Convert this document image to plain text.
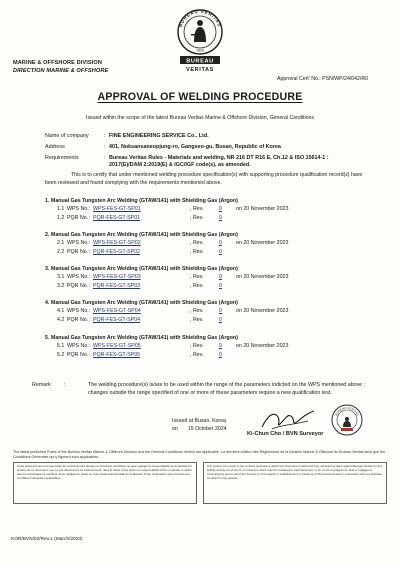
MARINE & OFFSHORE DIVISION
DIRECTION MARINE & OFFSHORE
BUREAU VERITAS
1828
BUREAU
VERITAS
Approval Cert' No.: PSN/WP/24/042/R0
APPROVAL OF WELDING PROCEDURE
Issued within the scope of the latest Bureau Veritas Marine & Offshore Division, General Conditions
Name of company	: FINE ENGINEERING SERVICE Co., Ltd.
Address	: 401, Noksansaneopjung-ro, Gangseo-gu, Busan, Republic of Korea
Requirements	: Bureau Veritas Rules - Materials and welding, NR 216 DT R16 E, Ch.12 & ISO 15614-1 : 2017(E)/DAM 2:2019(E) & IGC/IGF code(s), as amended.
This is to certify that under mentioned welding procedure specification(s) with supporting procedure qualification record(s) have been reviewed and found complying with the requirements mentioned above.
1. Manual Gas Tungsten Arc Welding (GTAW/141) with Shielding Gas (Argon)
1.1 WPS No. : WPS-FES-GT-SP01	, Rev.	0	on 20 November 2023
1.2 PQR No. : PQR-FES-GT-SP01	, Rev.	0
2. Manual Gas Tungsten Arc Welding (GTAW/141) with Shielding Gas (Argon)
2.1 WPS No. : WPS-FES-GT-SP02	, Rev.	0	on 20 November 2023
2.2 PQR No. : PQR-FES-GT-SP02	, Rev.	0
3. Manual Gas Tungsten Arc Welding (GTAW/141) with Shielding Gas (Argon)
3.1 WPS No. : WPS-FES-GT-SP03	, Rev.	0	on 20 November 2023
3.2 PQR No. : PQR-FES-GT-SP03	, Rev.	0
4. Manual Gas Tungsten Arc Welding (GTAW/141) with Shielding Gas (Argon)
4.1 WPS No. : WPS-FES-GT-SP04	, Rev.	0	on 20 November 2023
4.2 PQR No. : PQR-FES-GT-SP04	, Rev.	0
5. Manual Gas Tungsten Arc Welding (GTAW/141) with Shielding Gas (Argon)
5.1 WPS No. : WPS-FES-GT-SP05	, Rev.	0	on 20 November 2023
5.2 PQR No. : PQR-FES-GT-SP05	, Rev.	0
Remark :	The welding procedure(s) is/are to be used within the range of the parameters indicted on the WPS mentioned above ; changes outside the range specified of one or more of these parameters require a new qualification test.
Issued at Busan, Korea
on       15 October 2024
Ki-Chun Cho / BVN Surveyor
BUREAU VERITAS
The latest published Rules of the Bureau Veritas Marine & Offshore Division and the General Conditions therein are applicable. La dernière édition des Règlements de la Division Marine & Offshore du Bureau Veritas ainsi que les Conditions Générales qui y figurent sont applicables.
Toute personne qui n'est pas partie au contrat au titre duquel ce document est délivré ne peut engager la responsabilité de la Société sur la base de ce document, que ce soit directement ou indirectement, dans le cadre d'une action en responsabilité civile ou pénale, à moins que les dommages ne résultent d'une négligence grave ou d'une faute intentionnelle de la Société. Toute réclamation sera soumise aux Conditions Générales applicables.
Any person not a party to the contract pursuant to which this document is delivered may not assert a claim against Bureau Veritas for any liability arising out of errors or omissions which may be contained in said document, or for errors of judgement, fault or negligence committed by personnel of the Society or of its Agents in establishment or issuance of this document and in connection with any activities for which it may provide.
KOR/BVN/02/Rev.1 (March/2023)
